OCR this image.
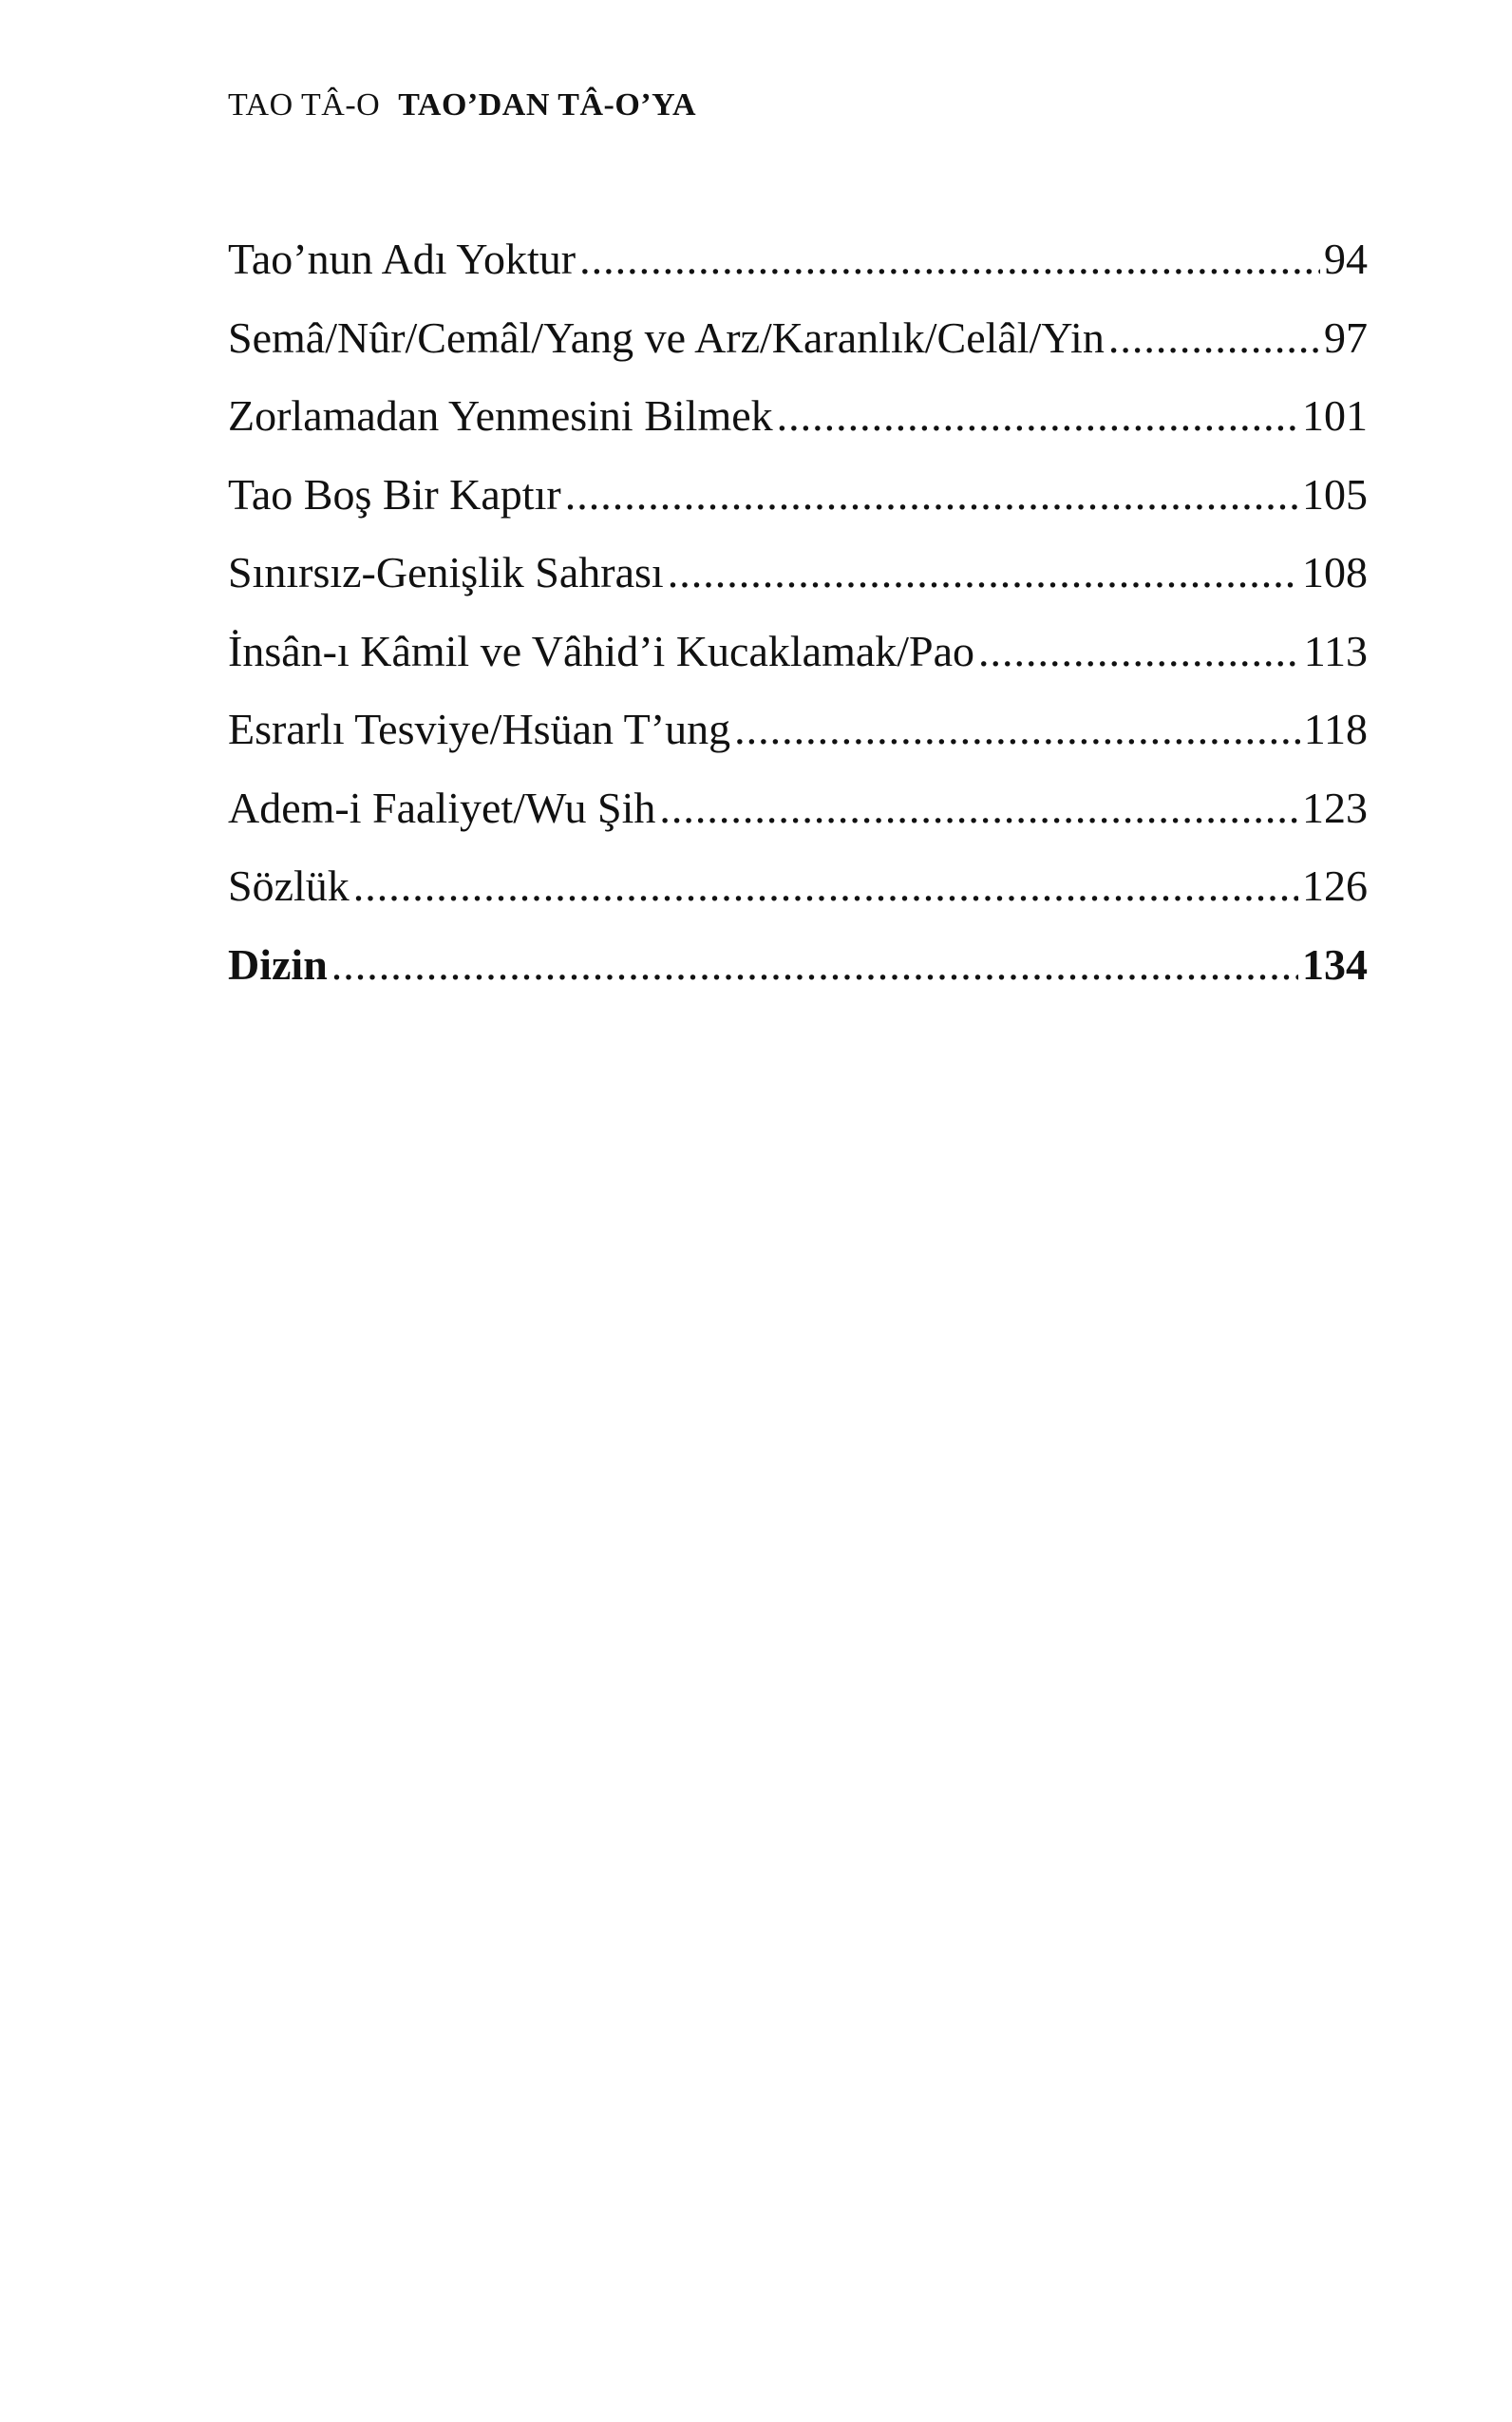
TAO TÂ-O TAO’DAN TÂ-O’YA
Tao’nun Adı Yoktur .....	94
Semâ/Nûr/Cemâl/Yang ve Arz/Karanlık/Celâl/Yin .....	97
Zorlamadan Yenmesini Bilmek .....	101
Tao Boş Bir Kaptır .....	105
Sınırsız-Genişlik Sahrası .....	108
İnsân-ı Kâmil ve Vâhid’i Kucaklamak/Pao .....	113
Esrarlı Tesviye/Hsüan T’ung .....	118
Adem-i Faaliyet/Wu Şih .....	123
Sözlük .....	126
Dizin .....	134
